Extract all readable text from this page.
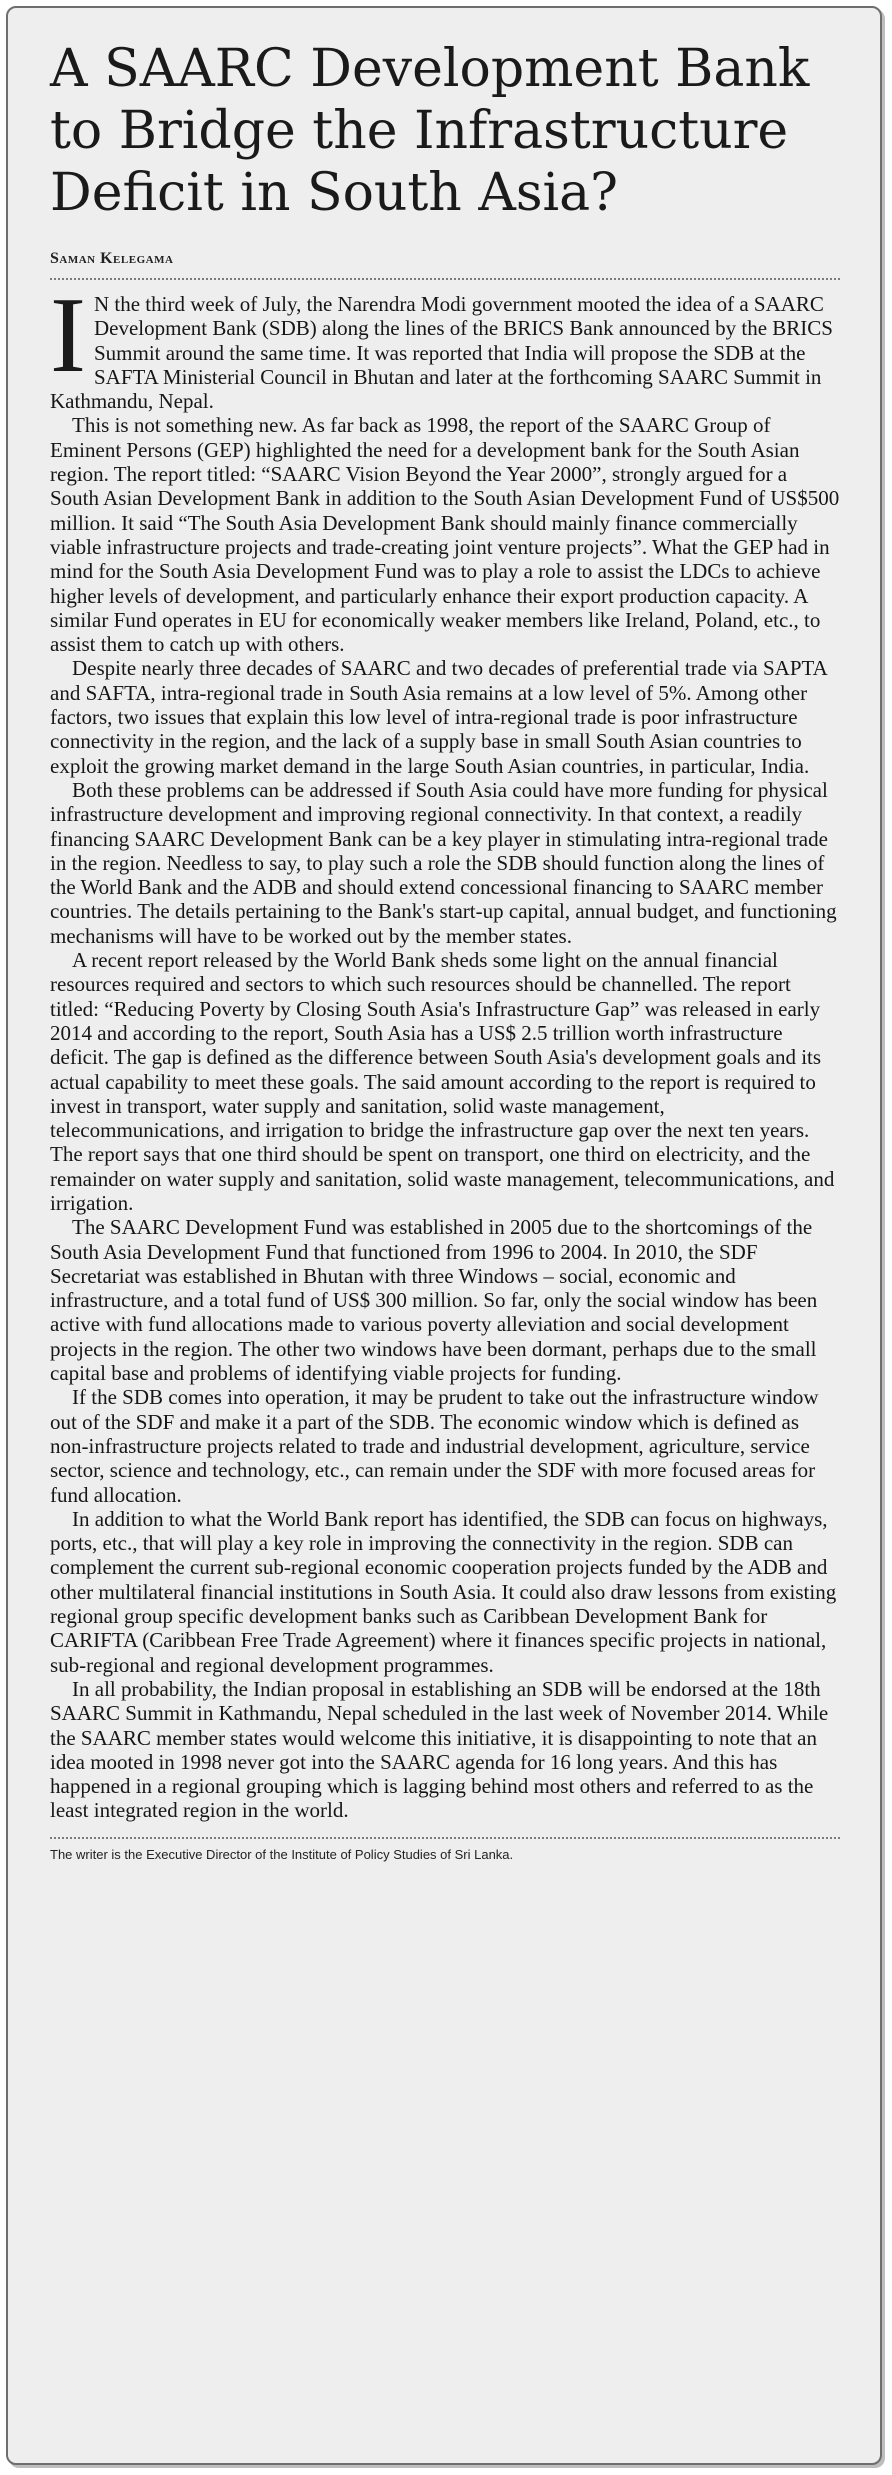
A SAARC Development Bank
to Bridge the Infrastructure
Deficit in South Asia?
Saman Kelegama

I N the third week of July, the Narendra Modi government mooted the idea of a SAARC Development Bank (SDB) along the lines of the BRICS Bank announced by the BRICS Summit around the same time. It was reported that India will propose the SDB at the SAFTA Ministerial Council in Bhutan and later at the forthcoming SAARC Summit in Kathmandu, Nepal.

This is not something new. As far back as 1998, the report of the SAARC Group of Eminent Persons (GEP) highlighted the need for a development bank for the South Asian region. The report titled: “SAARC Vision Beyond the Year 2000”, strongly argued for a South Asian Development Bank in addition to the South Asian Development Fund of US$500 million. It said “The South Asia Development Bank should mainly finance commercially viable infrastructure projects and trade-creating joint venture projects”. What the GEP had in mind for the South Asia Development Fund was to play a role to assist the LDCs to achieve higher levels of development, and particularly enhance their export production capacity. A similar Fund operates in EU for economically weaker members like Ireland, Poland, etc., to assist them to catch up with others.

Despite nearly three decades of SAARC and two decades of preferential trade via SAPTA and SAFTA, intra-regional trade in South Asia remains at a low level of 5%. Among other factors, two issues that explain this low level of intra-regional trade is poor infrastructure connectivity in the region, and the lack of a supply base in small South Asian countries to exploit the growing market demand in the large South Asian countries, in particular, India.

Both these problems can be addressed if South Asia could have more funding for physical infrastructure development and improving regional connectivity. In that context, a readily financing SAARC Development Bank can be a key player in stimulating intra-regional trade in the region. Needless to say, to play such a role the SDB should function along the lines of the World Bank and the ADB and should extend concessional financing to SAARC member countries. The details pertaining to the Bank's start-up capital, annual budget, and functioning mechanisms will have to be worked out by the member states.

A recent report released by the World Bank sheds some light on the annual financial resources required and sectors to which such resources should be channelled. The report titled: “Reducing Poverty by Closing South Asia's Infrastructure Gap” was released in early 2014 and according to the report, South Asia has a US$ 2.5 trillion worth infrastructure deficit. The gap is defined as the difference between South Asia's development goals and its actual capability to meet these goals. The said amount according to the report is required to invest in transport, water supply and sanitation, solid waste management, telecommunications, and irrigation to bridge the infrastructure gap over the next ten years. The report says that one third should be spent on transport, one third on electricity, and the remainder on water supply and sanitation, solid waste management, telecommunications, and irrigation.

The SAARC Development Fund was established in 2005 due to the shortcomings of the South Asia Development Fund that functioned from 1996 to 2004. In 2010, the SDF Secretariat was established in Bhutan with three Windows – social, economic and infrastructure, and a total fund of US$ 300 million. So far, only the social window has been active with fund allocations made to various poverty alleviation and social development projects in the region. The other two windows have been dormant, perhaps due to the small capital base and problems of identifying viable projects for funding.

If the SDB comes into operation, it may be prudent to take out the infrastructure window out of the SDF and make it a part of the SDB. The economic window which is defined as non-infrastructure projects related to trade and industrial development, agriculture, service sector, science and technology, etc., can remain under the SDF with more focused areas for fund allocation.

In addition to what the World Bank report has identified, the SDB can focus on highways, ports, etc., that will play a key role in improving the connectivity in the region. SDB can complement the current sub-regional economic cooperation projects funded by the ADB and other multilateral financial institutions in South Asia. It could also draw lessons from existing regional group specific development banks such as Caribbean Development Bank for CARIFTA (Caribbean Free Trade Agreement) where it finances specific projects in national, sub-regional and regional development programmes.

In all probability, the Indian proposal in establishing an SDB will be endorsed at the 18th SAARC Summit in Kathmandu, Nepal scheduled in the last week of November 2014. While the SAARC member states would welcome this initiative, it is disappointing to note that an idea mooted in 1998 never got into the SAARC agenda for 16 long years. And this has happened in a regional grouping which is lagging behind most others and referred to as the least integrated region in the world.

The writer is the Executive Director of the Institute of Policy Studies of Sri Lanka.
